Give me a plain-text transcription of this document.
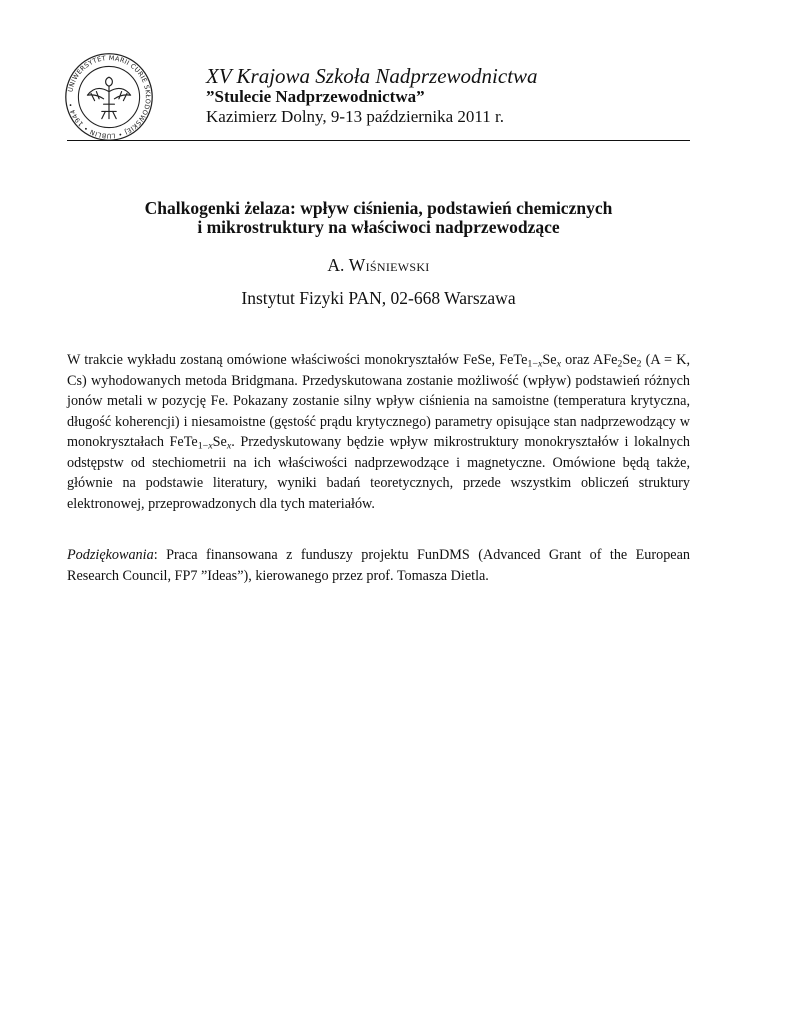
UNIWERSYTET MARII CURIE SKŁODOWSKIEJ • LUBLIN • 1944 •
XV Krajowa Szkoła Nadprzewodnictwa
”Stulecie Nadprzewodnictwa”
Kazimierz Dolny, 9-13 października 2011 r.
Chalkogenki żelaza: wpływ ciśnienia, podstawień chemicznych
i mikrostruktury na właściwoci nadprzewodzące
A. Wiśniewski
Instytut Fizyki PAN, 02-668 Warszawa
W trakcie wykładu zostaną omówione właściwości monokryształów FeSe, $FeTe_{1-x}Se_x$ oraz $AFe_2Se_2$ (A = K, Cs) wyhodowanych metoda Bridgmana. Przedyskutowana zostanie możliwość (wpływ) podstawień różnych jonów metali w pozycję Fe. Pokazany zostanie silny wpływ ciśnienia na samoistne (temperatura krytyczna, długość koherencji) i niesamoistne (gęstość prądu krytycznego) parametry opisujące stan nadprzewodzący w monokryształach $FeTe_{1-x}Se_x$. Przedyskutowany będzie wpływ mikrostruktury monokryształów i lokalnych odstępstw od stechiometrii na ich właściwości nadprzewodzące i magnetyczne. Omówione będą także, głównie na podstawie literatury, wyniki badań teoretycznych, przede wszystkim obliczeń struktury elektronowej, przeprowadzonych dla tych materiałów.
Podziękowania: Praca finansowana z funduszy projektu FunDMS (Advanced Grant of the European Research Council, FP7 ”Ideas”), kierowanego przez prof. Tomasza Dietla.
